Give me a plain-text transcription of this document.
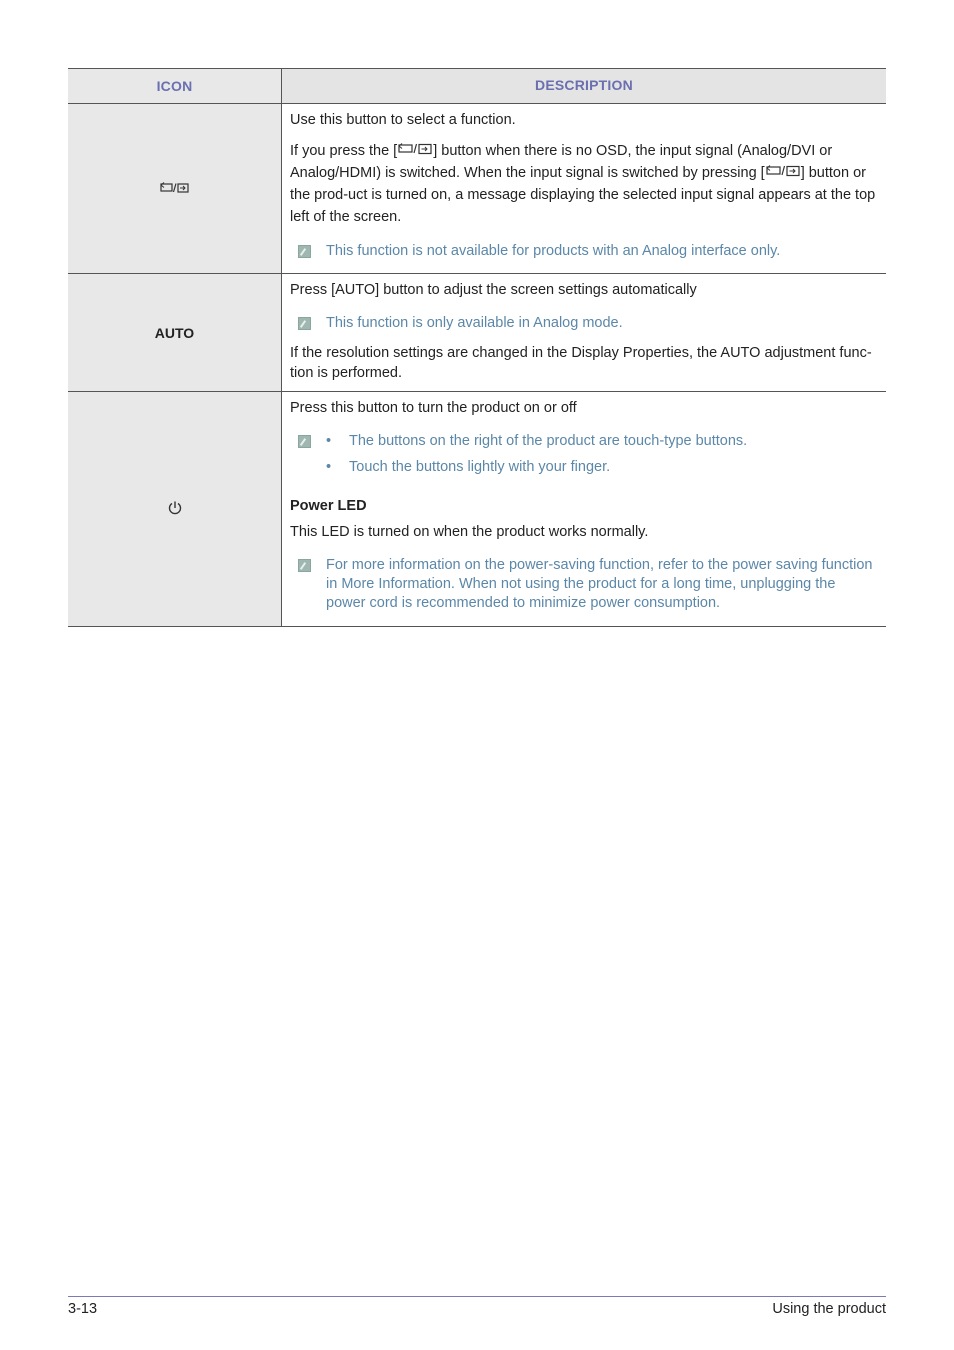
ICON	DESCRIPTION

Use this button to select a function.

If you press the [ ] button when there is no OSD, the input signal (Analog/DVI or Analog/HDMI) is switched. When the input signal is switched by pressing [ ] button or the prod-uct is turned on, a message displaying the selected input signal appears at the top left of the screen.

This function is not available for products with an Analog interface only.
AUTO

Press [AUTO] button to adjust the screen settings automatically

This function is only available in Analog mode.

If the resolution settings are changed in the Display Properties, the AUTO adjustment func-tion is performed.

Press this button to turn the product on or off

• The buttons on the right of the product are touch-type buttons.
• Touch the buttons lightly with your finger.
Power LED

This LED is turned on when the product works normally.

For more information on the power-saving function, refer to the power saving function in More Information. When not using the product for a long time, unplugging the power cord is recommended to minimize power consumption.
3-13	Using the product
